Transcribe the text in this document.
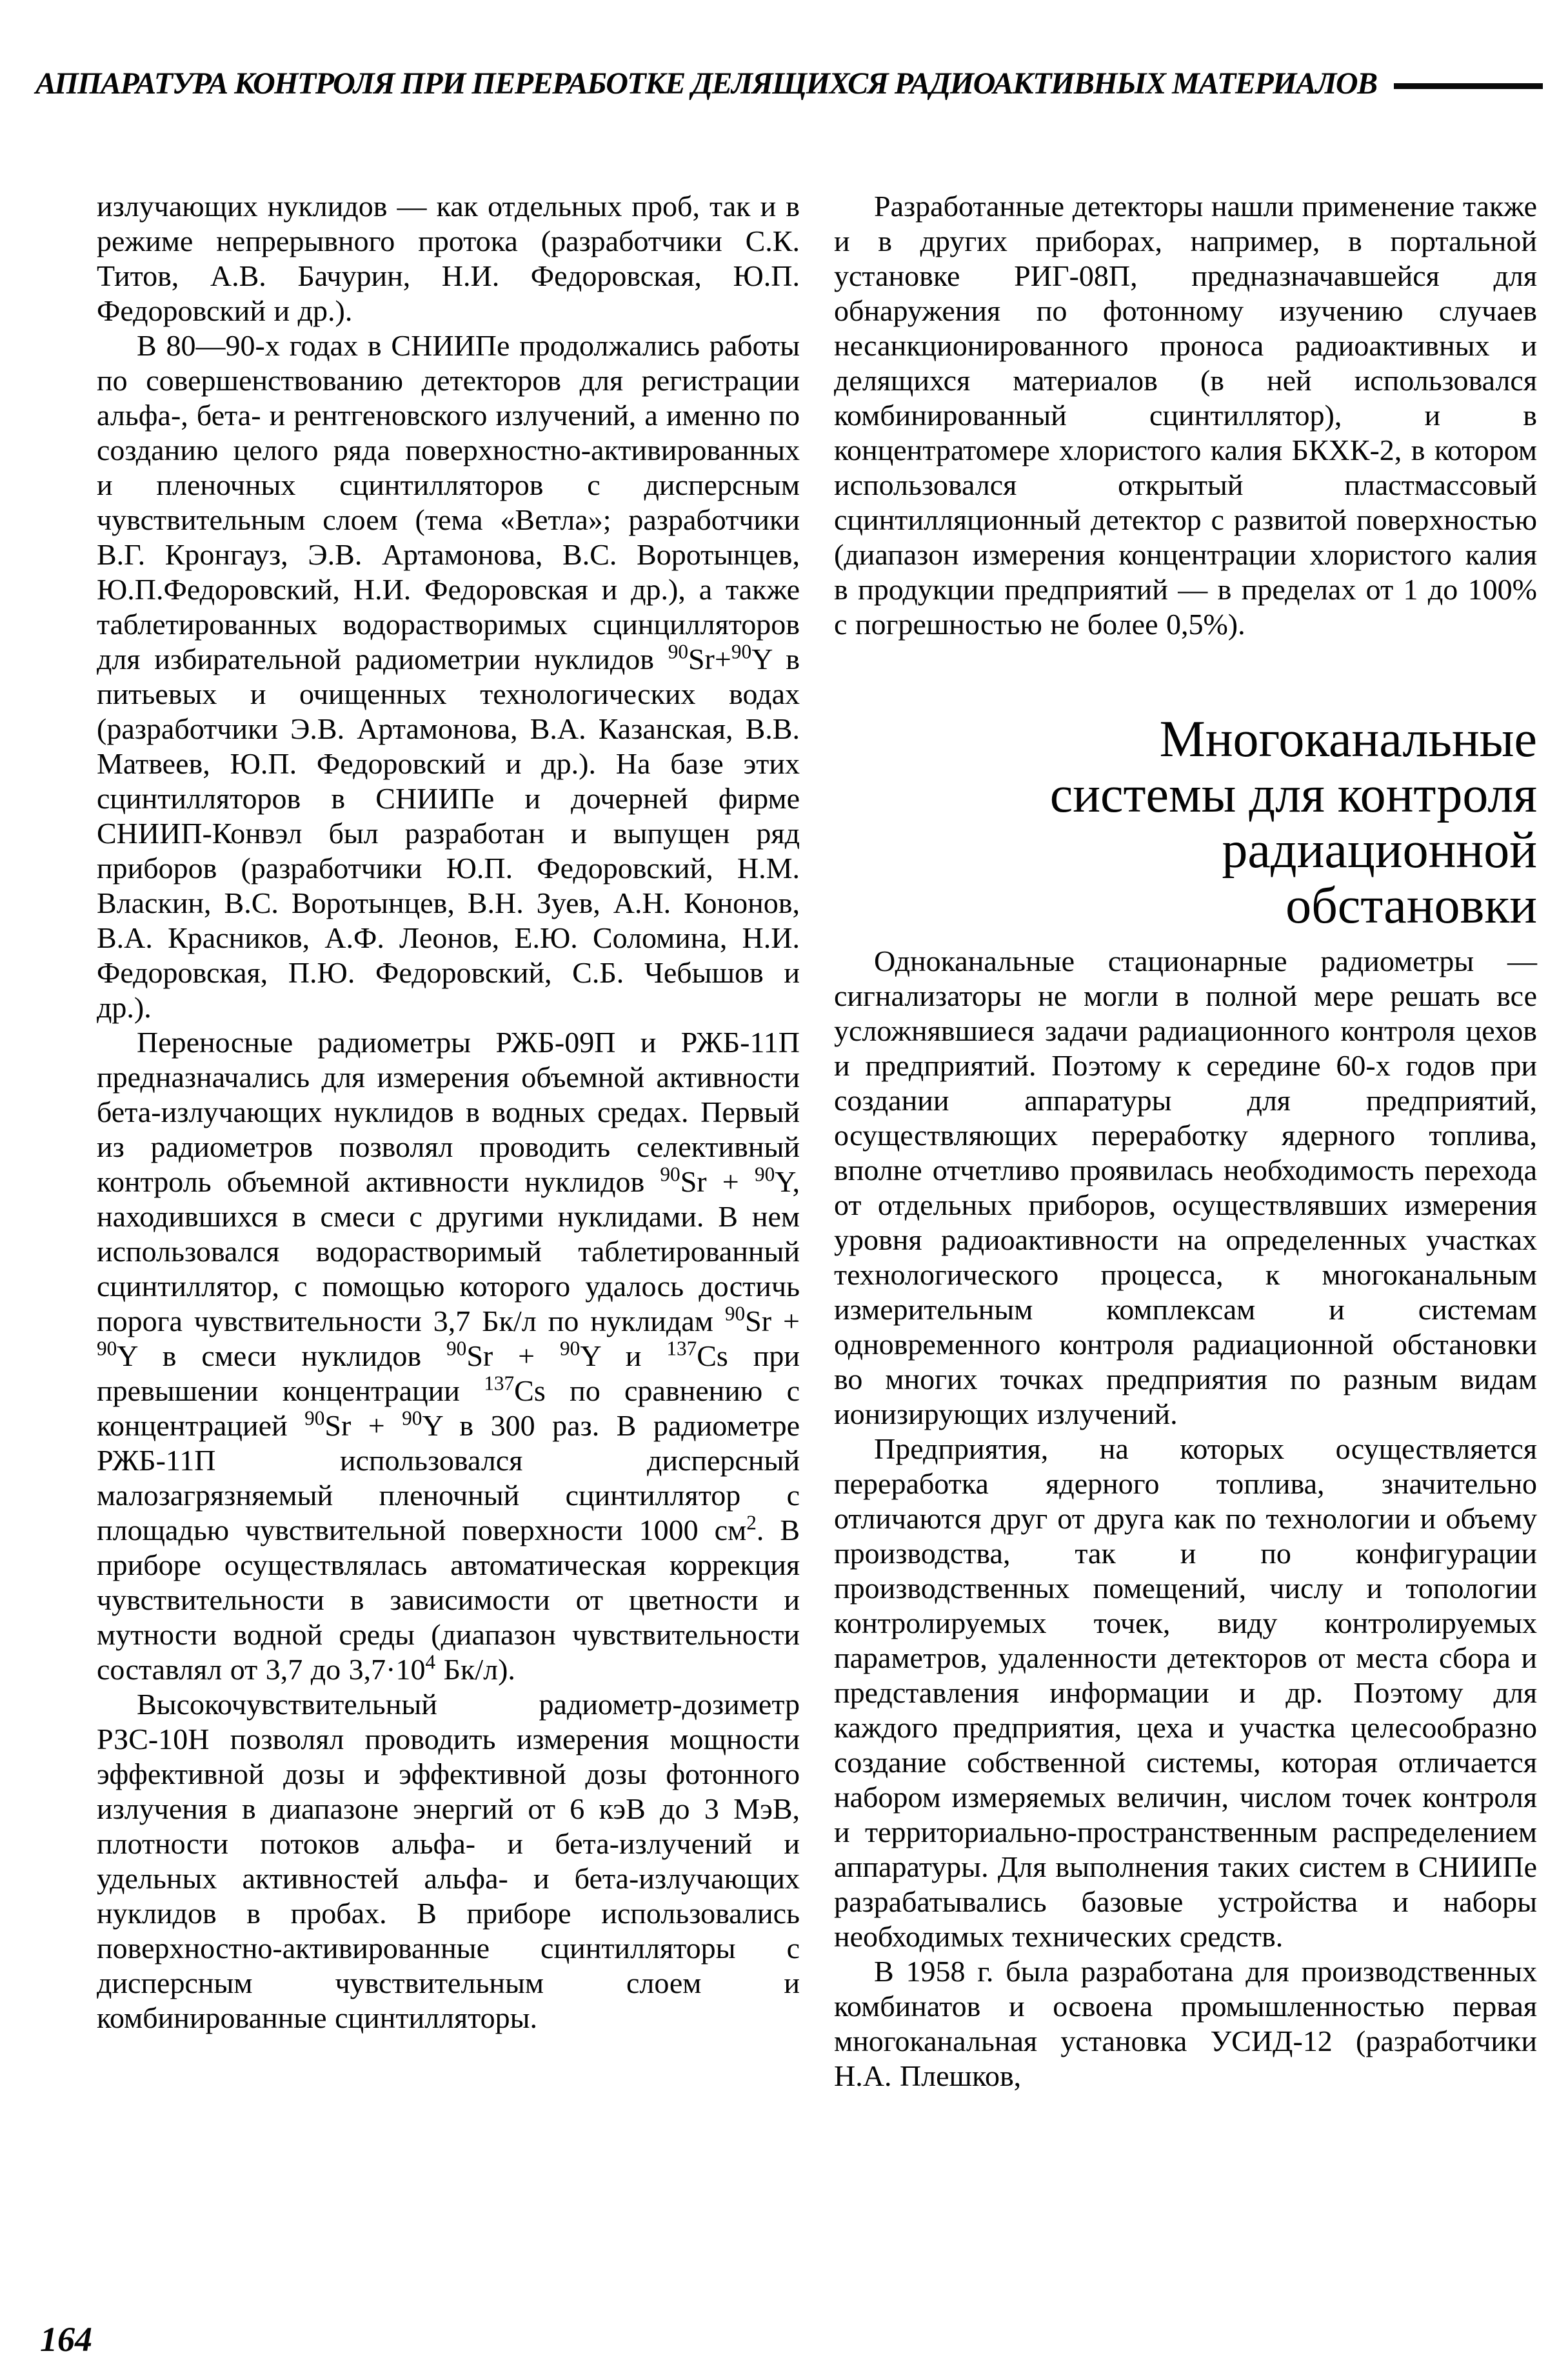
АППАРАТУРА КОНТРОЛЯ ПРИ ПЕРЕРАБОТКЕ ДЕЛЯЩИХСЯ РАДИОАКТИВНЫХ МАТЕРИАЛОВ

излучающих нуклидов — как отдельных проб, так и в режиме непрерывного протока (разработчики С.К. Титов, А.В. Бачурин, Н.И. Федоровская, Ю.П. Федоровский и др.).

В 80—90-х годах в СНИИПе продолжались работы по совершенствованию детекторов для регистрации альфа-, бета- и рентгеновского излучений, а именно по созданию целого ряда поверхностно-активированных и пленочных сцинтилляторов с дисперсным чувствительным слоем (тема «Ветла»; разработчики В.Г. Кронгауз, Э.В. Артамонова, В.С. Воротынцев, Ю.П.Федоровский, Н.И. Федоровская и др.), а также таблетированных водорастворимых сцинцилляторов для избирательной радиометрии нуклидов $^{90}$Sr+$^{90}$Y в питьевых и очищенных технологических водах (разработчики Э.В. Артамонова, В.А. Казанская, В.В. Матвеев, Ю.П. Федоровский и др.). На базе этих сцинтилляторов в СНИИПе и дочерней фирме СНИИП-Конвэл был разработан и выпущен ряд приборов (разработчики Ю.П. Федоровский, Н.М. Власкин, В.С. Воротынцев, В.Н. Зуев, А.Н. Кононов, В.А. Красников, А.Ф. Леонов, Е.Ю. Соломина, Н.И. Федоровская, П.Ю. Федоровский, С.Б. Чебышов и др.).

Переносные радиометры РЖБ-09П и РЖБ-11П предназначались для измерения объемной активности бета-излучающих нуклидов в водных средах. Первый из радиометров позволял проводить селективный контроль объемной активности нуклидов $^{90}$Sr + $^{90}$Y, находившихся в смеси с другими нуклидами. В нем использовался водорастворимый таблетированный сцинтиллятор, с помощью которого удалось достичь порога чувствительности 3,7 Бк/л по нуклидам $^{90}$Sr + $^{90}$Y в смеси нуклидов $^{90}$Sr + $^{90}$Y и $^{137}$Cs при превышении концентрации $^{137}$Cs по сравнению с концентрацией $^{90}$Sr + $^{90}$Y в 300 раз. В радиометре РЖБ-11П использовался дисперсный малозагрязняемый пленочный сцинтиллятор с площадью чувствительной поверхности 1000 $см^2$. В приборе осуществлялась автоматическая коррекция чувствительности в зависимости от цветности и мутности водной среды (диапазон чувствительности составлял от 3,7 до $3,7\cdot 10^4$ Бк/л).

Высокочувствительный радиометр-дозиметр РЗС-10Н позволял проводить измерения мощности эффективной дозы и эффективной дозы фотонного излучения в диапазоне энергий от 6 кэВ до 3 МэВ, плотности потоков альфа- и бета-излучений и удельных активностей альфа- и бета-излучающих нуклидов в пробах. В приборе использовались поверхностно-активированные сцинтилляторы с дисперсным чувствительным слоем и комбинированные сцинтилляторы.

Разработанные детекторы нашли применение также и в других приборах, например, в портальной установке РИГ-08П, предназначавшейся для обнаружения по фотонному изучению случаев несанкционированного проноса радиоактивных и делящихся материалов (в ней использовался комбинированный сцинтиллятор), и в концентратомере хлористого калия БКХК-2, в котором использовался открытый пластмассовый сцинтилляционный детектор с развитой поверхностью (диапазон измерения концентрации хлористого калия в продукции предприятий — в пределах от 1 до 100% с погрешностью не более 0,5%).

Многоканальные
системы для контроля
радиационной
обстановки

Одноканальные стационарные радиометры — сигнализаторы не могли в полной мере решать все усложнявшиеся задачи радиационного контроля цехов и предприятий. Поэтому к середине 60-х годов при создании аппаратуры для предприятий, осуществляющих переработку ядерного топлива, вполне отчетливо проявилась необходимость перехода от отдельных приборов, осуществлявших измерения уровня радиоактивности на определенных участках технологического процесса, к многоканальным измерительным комплексам и системам одновременного контроля радиационной обстановки во многих точках предприятия по разным видам ионизирующих излучений.

Предприятия, на которых осуществляется переработка ядерного топлива, значительно отличаются друг от друга как по технологии и объему производства, так и по конфигурации производственных помещений, числу и топологии контролируемых точек, виду контролируемых параметров, удаленности детекторов от места сбора и представления информации и др. Поэтому для каждого предприятия, цеха и участка целесообразно создание собственной системы, которая отличается набором измеряемых величин, числом точек контроля и территориально-пространственным распределением аппаратуры. Для выполнения таких систем в СНИИПе разрабатывались базовые устройства и наборы необходимых технических средств.

В 1958 г. была разработана для производственных комбинатов и освоена промышленностью первая многоканальная установка УСИД-12 (разработчики Н.А. Плешков,

164
